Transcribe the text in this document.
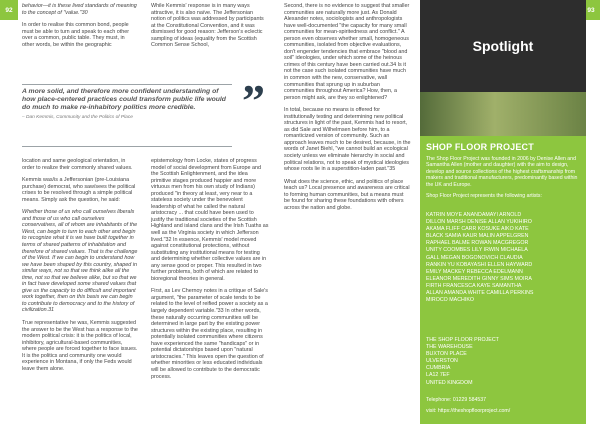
92	93

behavior—it is these lived standards of meaning to the concept of "value."30

In order to realise this common bond, people must be able to turn and speak to each other over a common, public table. They must, in other words, be within the geographic

While Kemmis' response is in many ways attractive, it is also naïve. The Jeffersonian notion of politics was addressed by participants at the Constitutional Convention, and it was dismissed for good reason: Jefferson's eclectic sampling of ideas (equality from the Scottish Common Sense School,

A more solid, and therefore more confident understanding of how place-centered practices could transform public life would do much to make re-inhabitory politics more credible.
– Dan Kemmis, Community and the Politics of Place	”

location and same geological orientation, in order to realize their commonly shared values.

Kemmis was/is a Jeffersonian (pre-Louisiana purchase) democrat, who saw/sees the political crises to be resolved through a simple political means. Simply ask the question, he said:

Whether those of us who call ourselves liberals and those of us who call ourselves conservatives, all of whom are inhabitants of the West, can begin to turn to each other and begin to recognize what it is we have built together in terms of shared patterns of inhabitation and therefore of shared values. That is the challenge of the West. If we can begin to understand how we have been shaped by this country, shaped in similar ways, not so that we think alike all the time, not so that we believe alike, but so that we in fact have developed some shared values that give us the capacity to do difficult and important work together, then on this basis we can begin to contribute to democracy and to the history of civilization.31

True representative he was, Kemmis suggested the answer to be the West has a response to the modern political crisis: it is the politics of local, inhibitory, agricultural-based communities, where people are forced together to face issues. It is the politics and community one would experience in Montana, if only the Feds would leave them alone.

epistemology from Locke, states of progress model of social development from Europe and the Scottish Enlightenment, and the idea primitive stages produced happier and more virtuous men from his own study of Indians) produced "in theory at least, very near to a stateless society under the benevolent leadership of what he called the natural aristocracy ... that could have been used to justify the traditional societies of the Scottish Highland and island clans and the Irish Tuaths as well as the Virginia society in which Jefferson lived."32 In essence, Kemmis' model moved against constitutional protections, without substituting any institutional means for testing and determining whether collective values are in any sense good or proper. This resulted in two further problems, both of which are related to bioregional theories in general.

First, as Lev Chernoy notes in a critique of Sale's argument, "the parameter of scale tends to be related to the level of reified power a society as a largely dependent variable."33 In other words, these naturally occurring communities will be determined in large part by the existing power structures within the existing place, resulting in potentially isolated communities where citizens have experienced the same "handicaps" or in potential dictatorships based upon "natural aristocracies." This leaves open the question of whether minorities or less educated individuals will be allowed to contribute to the democratic process.

Second, there is no evidence to suggest that smaller communities are naturally more just. As Donald Alexander notes, sociologists and anthropologists have well-documented "the capacity for many small communities for mean-spiritedness and conflict." A person even observes whether small, homogeneous communities, isolated from objective evaluations, don't engender tendencies that embrace "blood and soil" ideologies, under which some of the heinous crimes of this century have been carried out.34 Is it not the case such isolated communities have much in common with the new, conservative, wall communities that sprung up in suburban communities throughout America? How, then, a person might ask, are they so enlightened?

In total, because no means is offered for institutionally testing and determining new political structures in light of the past, Kemmis had to resort, as did Sale and Wilhelmsen before him, to a romanticized version of community. Such an approach leaves much to be desired, because, in the words of Janet Biehl, "we cannot build an ecological society unless we eliminate hierarchy in social and political relations, not to speak of mystical ideologies whose roots lie in a superstition-laden past."35

What does the science, ethic, and politics of place teach us? Local presence and awareness are critical to forming human communities, but a means must be found for sharing these foundations with others across the nation and globe.

Spotlight
SHOP FLOOR PROJECT
The Shop Floor Project was founded in 2006 by Denise Allen and Samantha Allen (mother and daughter) with the aim to design, develop and source collections of the highest craftsmanship from makers and traditional manufacturers, predominantly based within the UK and Europe.
Shop Floor Project represents the following artists:
KATRIN MOYE ANANDAMAYI ARNOLD
DILLON MARSH DENISE ALLAN YUKIHIRO
AKAMA FLIFF CARR KOSUKE AIKO KATE
BLACK SAMIA KAUR MALIN APPELGREN
RAPHAEL BALME ROWAN MACGREGOR
UNITY COOMBES LILY IRWIN MICHAELA
GALL MEGAN BOGONOVICH CLAUDIA
RANKIN YU KOBAYASHI ELLEN HAYWARD
EMILY MACKEY REBECCA EDELMANN
ELEANOR MEREDITH GINNY SIMS MOIRA
FIRTH FRANCESCA KAYE SAMANTHA
ALLAN AMANDA WHITE CAMILLA PERKINS
MIROCO MACHIKO
THE SHOP FLOOR PROJECT
THE WAREHOUSE
BUXTON PLACE
ULVERSTON
CUMBRIA
LA12 7EF
UNITED KINGDOM
Telephone: 01229 584537
visit: https://theshopfloorproject.com/
